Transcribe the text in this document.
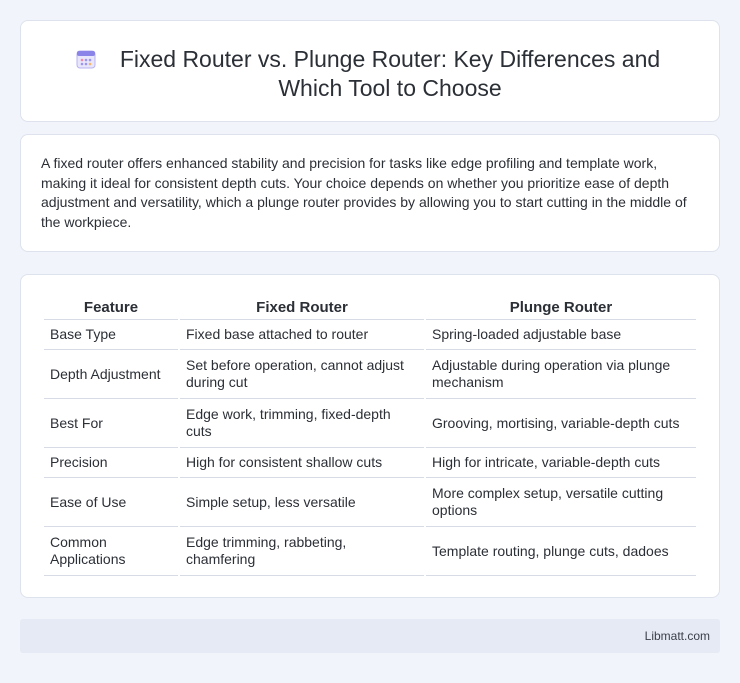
Fixed Router vs. Plunge Router: Key Differences and Which Tool to Choose

A fixed router offers enhanced stability and precision for tasks like edge profiling and template work, making it ideal for consistent depth cuts. Your choice depends on whether you prioritize ease of depth adjustment and versatility, which a plunge router provides by allowing you to start cutting in the middle of the workpiece.

Feature	Fixed Router	Plunge Router
Base Type	Fixed base attached to router	Spring-loaded adjustable base
Depth Adjustment	Set before operation, cannot adjust during cut	Adjustable during operation via plunge mechanism
Best For	Edge work, trimming, fixed-depth cuts	Grooving, mortising, variable-depth cuts
Precision	High for consistent shallow cuts	High for intricate, variable-depth cuts
Ease of Use	Simple setup, less versatile	More complex setup, versatile cutting options
Common Applications	Edge trimming, rabbeting, chamfering	Template routing, plunge cuts, dadoes
Libmatt.com
